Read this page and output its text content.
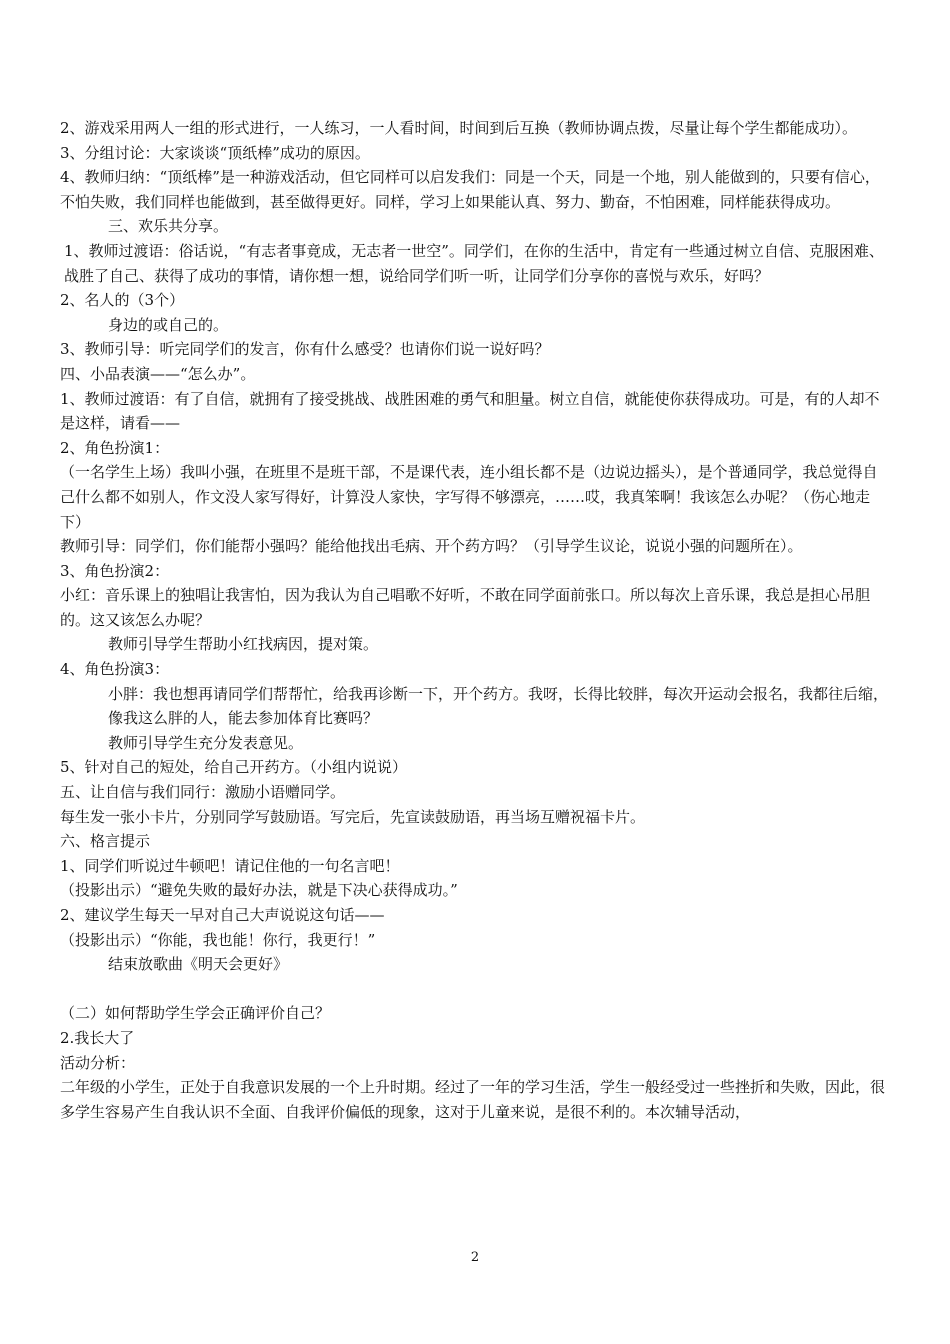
2、游戏采用两人一组的形式进行，一人练习，一人看时间，时间到后互换（教师协调点拨，尽量让每个学生都能成功）。

3、分组讨论：大家谈谈“顶纸棒”成功的原因。

4、教师归纳：“顶纸棒”是一种游戏活动，但它同样可以启发我们：同是一个天，同是一个地，别人能做到的，只要有信心，不怕失败，我们同样也能做到，甚至做得更好。同样，学习上如果能认真、努力、勤奋，不怕困难，同样能获得成功。

三、欢乐共分享。

1、教师过渡语：俗话说，“有志者事竟成，无志者一世空”。同学们，在你的生活中，肯定有一些通过树立自信、克服困难、战胜了自己、获得了成功的事情，请你想一想，说给同学们听一听，让同学们分享你的喜悦与欢乐，好吗？

2、名人的（3个）

身边的或自己的。

3、教师引导：听完同学们的发言，你有什么感受？也请你们说一说好吗？

四、小品表演——“怎么办”。

1、教师过渡语：有了自信，就拥有了接受挑战、战胜困难的勇气和胆量。树立自信，就能使你获得成功。可是，有的人却不是这样，请看——

2、角色扮演1：

（一名学生上场）我叫小强，在班里不是班干部，不是课代表，连小组长都不是（边说边摇头），是个普通同学，我总觉得自己什么都不如别人，作文没人家写得好，计算没人家快，字写得不够漂亮，……哎，我真笨啊！我该怎么办呢？（伤心地走下）

教师引导：同学们，你们能帮小强吗？能给他找出毛病、开个药方吗？（引导学生议论，说说小强的问题所在）。

3、角色扮演2：

小红：音乐课上的独唱让我害怕，因为我认为自己唱歌不好听，不敢在同学面前张口。所以每次上音乐课，我总是担心吊胆的。这又该怎么办呢？

教师引导学生帮助小红找病因，提对策。

4、角色扮演3：

小胖：我也想再请同学们帮帮忙，给我再诊断一下，开个药方。我呀，长得比较胖，每次开运动会报名，我都往后缩，像我这么胖的人，能去参加体育比赛吗？

教师引导学生充分发表意见。

5、针对自己的短处，给自己开药方。（小组内说说）

五、让自信与我们同行：激励小语赠同学。

每生发一张小卡片，分别同学写鼓励语。写完后，先宣读鼓励语，再当场互赠祝福卡片。

六、格言提示

1、同学们听说过牛顿吧！请记住他的一句名言吧！

（投影出示）“避免失败的最好办法，就是下决心获得成功。”

2、建议学生每天一早对自己大声说说这句话——

（投影出示）“你能，我也能！你行，我更行！”

结束放歌曲《明天会更好》

（二）如何帮助学生学会正确评价自己？

2.我长大了

活动分析：

二年级的小学生，正处于自我意识发展的一个上升时期。经过了一年的学习生活，学生一般经受过一些挫折和失败，因此，很多学生容易产生自我认识不全面、自我评价偏低的现象，这对于儿童来说，是很不利的。本次辅导活动，

2
